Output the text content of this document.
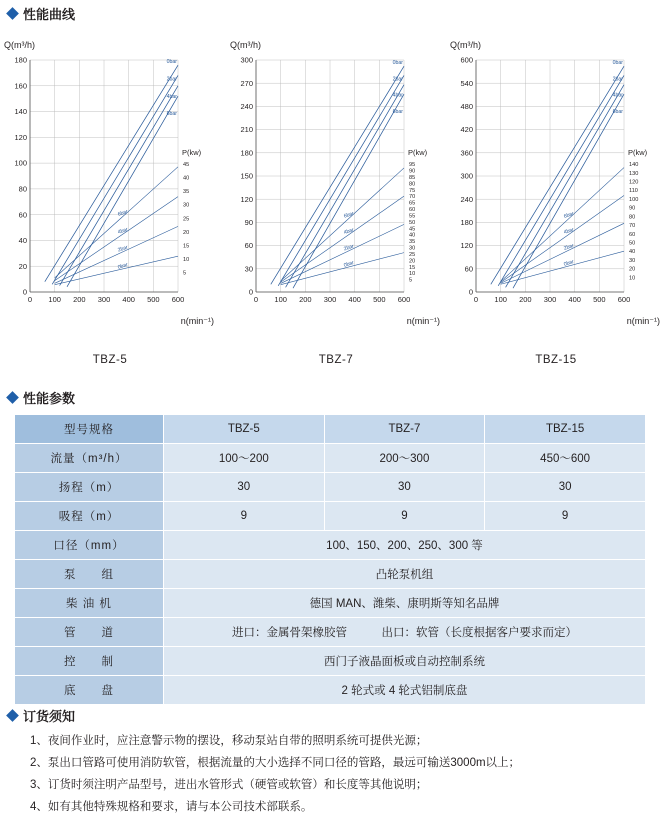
性能曲线
性能参数
订货须知
Q(m³/h)
0
20
40
60
80
100
120
140
160
180
0 100 200 300 400 500 600
P(kw)
45
40
35
30
25
20
15
10
5
0bar
2bar
4bar
6bar
6bar
4bar
2bar
0bar
n(min⁻¹)
TBZ-5
Q(m³/h)
0
30
60
90
120
150
180
210
240
270
300
0 100 200 300 400 500 600
P(kw)
95
90
85
80
75
70
65
60
55
50
45
40
35
30
25
20
15
10
5
0bar
2bar
4bar
6bar
6bar
4bar
2bar
0bar
n(min⁻¹)
TBZ-7
Q(m³/h)
0
60
120
180
240
300
360
420
480
540
600
0 100 200 300 400 500 600
P(kw)
140
130
120
110
100
90
80
70
60
50
40
30
20
10
0bar
2bar
4bar
6bar
6bar
4bar
2bar
0bar
n(min⁻¹)
TBZ-15
型号规格	TBZ-5	TBZ-7	TBZ-15
流量（m³/h）	100～200	200～300	450～600
扬程（m）	30	30	30
吸程（m）	9	9	9
口径（mm）	100、150、200、250、300 等		
泵　　组	凸轮泵机组		
柴 油 机	德国 MAN、潍柴、康明斯等知名品牌		
管　　道	进口：金属骨架橡胶管　　　出口：软管（长度根据客户要求而定）		
控　　制	西门子液晶面板或自动控制系统		
底　　盘	2 轮式或 4 轮式铝制底盘		
1、夜间作业时，应注意警示物的摆设，移动泵站自带的照明系统可提供光源；
2、泵出口管路可使用消防软管，根据流量的大小选择不同口径的管路，最远可输送3000m以上；
3、订货时须注明产品型号，进出水管形式（硬管或软管）和长度等其他说明；
4、如有其他特殊规格和要求，请与本公司技术部联系。
